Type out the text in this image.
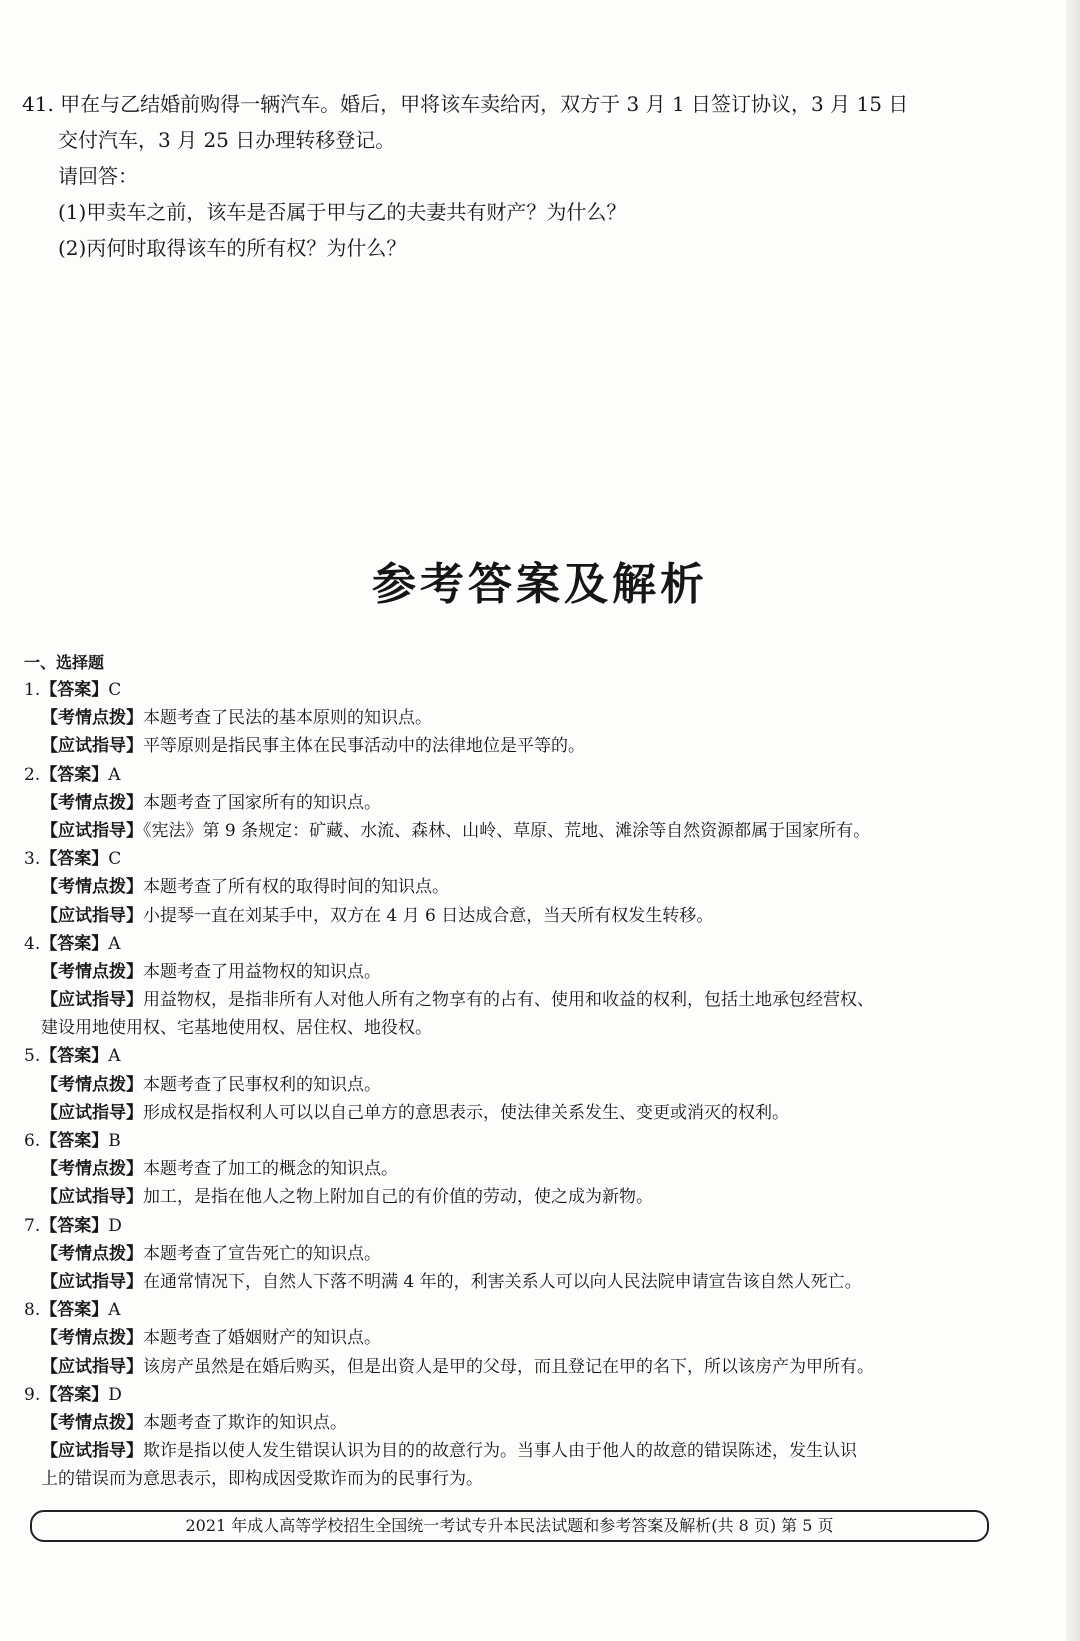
41. 甲在与乙结婚前购得一辆汽车。婚后，甲将该车卖给丙，双方于 3 月 1 日签订协议，3 月 15 日
交付汽车，3 月 25 日办理转移登记。
请回答：
(1)甲卖车之前，该车是否属于甲与乙的夫妻共有财产？为什么？
(2)丙何时取得该车的所有权？为什么？
参考答案及解析
一、选择题
1.【答案】C
【考情点拨】本题考查了民法的基本原则的知识点。
【应试指导】平等原则是指民事主体在民事活动中的法律地位是平等的。
2.【答案】A
【考情点拨】本题考查了国家所有的知识点。
【应试指导】《宪法》第 9 条规定：矿藏、水流、森林、山岭、草原、荒地、滩涂等自然资源都属于国家所有。
3.【答案】C
【考情点拨】本题考查了所有权的取得时间的知识点。
【应试指导】小提琴一直在刘某手中，双方在 4 月 6 日达成合意，当天所有权发生转移。
4.【答案】A
【考情点拨】本题考查了用益物权的知识点。
【应试指导】用益物权，是指非所有人对他人所有之物享有的占有、使用和收益的权利，包括土地承包经营权、
建设用地使用权、宅基地使用权、居住权、地役权。
5.【答案】A
【考情点拨】本题考查了民事权利的知识点。
【应试指导】形成权是指权利人可以以自己单方的意思表示，使法律关系发生、变更或消灭的权利。
6.【答案】B
【考情点拨】本题考查了加工的概念的知识点。
【应试指导】加工，是指在他人之物上附加自己的有价值的劳动，使之成为新物。
7.【答案】D
【考情点拨】本题考查了宣告死亡的知识点。
【应试指导】在通常情况下，自然人下落不明满 4 年的，利害关系人可以向人民法院申请宣告该自然人死亡。
8.【答案】A
【考情点拨】本题考查了婚姻财产的知识点。
【应试指导】该房产虽然是在婚后购买，但是出资人是甲的父母，而且登记在甲的名下，所以该房产为甲所有。
9.【答案】D
【考情点拨】本题考查了欺诈的知识点。
【应试指导】欺诈是指以使人发生错误认识为目的的故意行为。当事人由于他人的故意的错误陈述，发生认识
上的错误而为意思表示，即构成因受欺诈而为的民事行为。
2021 年成人高等学校招生全国统一考试专升本民法试题和参考答案及解析(共 8 页) 第 5 页
